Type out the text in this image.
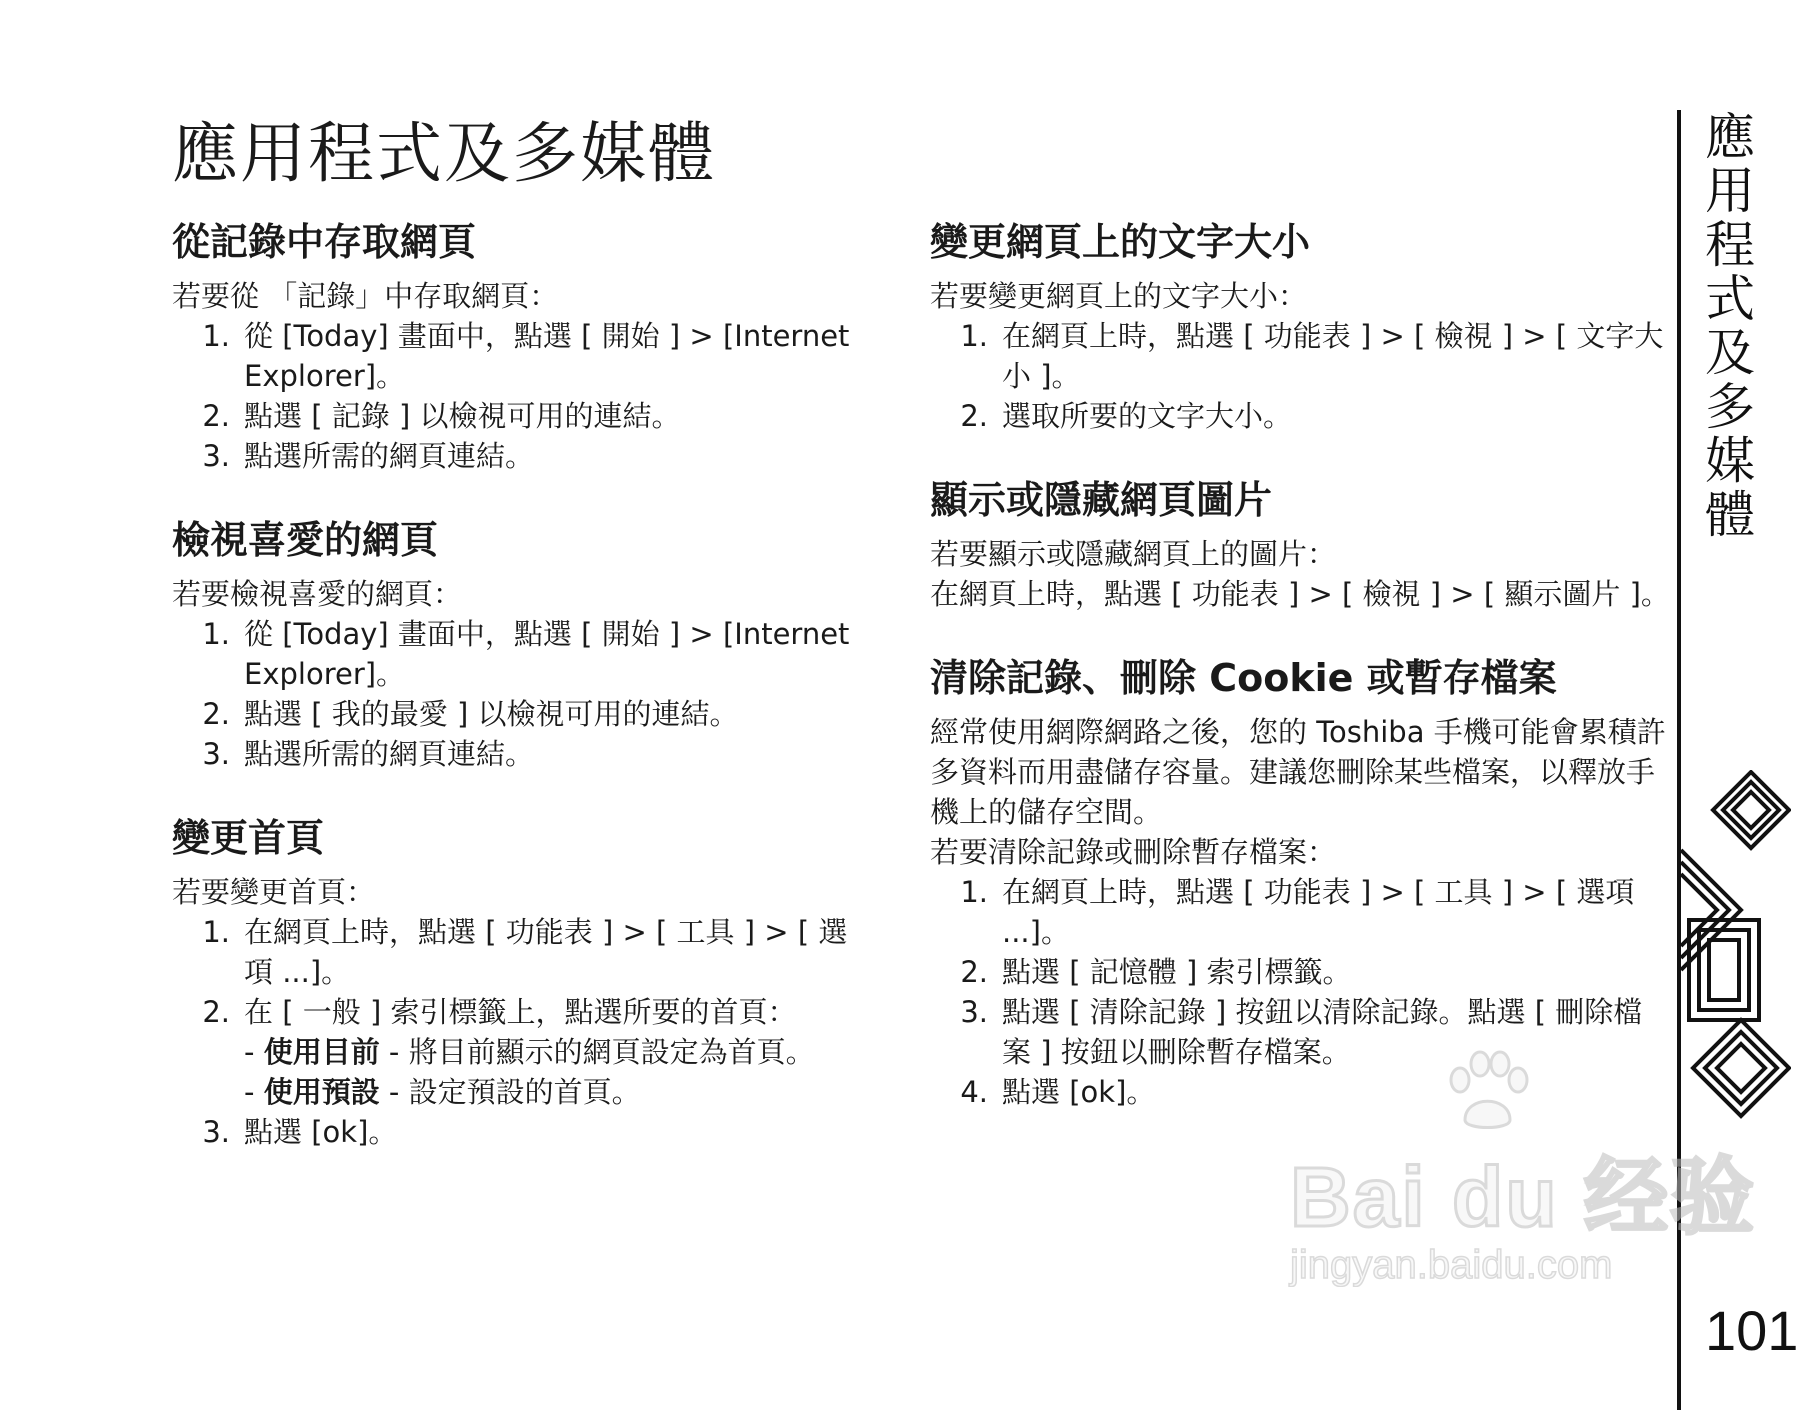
應用程式及多媒體
從記錄中存取網頁

若要從 「記錄」中存取網頁：

1. 從 [Today] 畫面中，點選 [ 開始 ] > [Internet Explorer]。
2. 點選 [ 記錄 ] 以檢視可用的連結。
3. 點選所需的網頁連結。
檢視喜愛的網頁

若要檢視喜愛的網頁：

1. 從 [Today] 畫面中，點選 [ 開始 ] > [Internet Explorer]。
2. 點選 [ 我的最愛 ] 以檢視可用的連結。
3. 點選所需的網頁連結。
變更首頁

若要變更首頁：

1. 在網頁上時，點選 [ 功能表 ] > [ 工具 ] > [ 選項 ...]。
2. 在 [ 一般 ] 索引標籤上，點選所要的首頁：
- 使用目前 - 將目前顯示的網頁設定為首頁。
- 使用預設 - 設定預設的首頁。
3. 點選 [ok]。
變更網頁上的文字大小

若要變更網頁上的文字大小：

1. 在網頁上時，點選 [ 功能表 ] > [ 檢視 ] > [ 文字大小 ]。
2. 選取所要的文字大小。
顯示或隱藏網頁圖片

若要顯示或隱藏網頁上的圖片：

在網頁上時，點選 [ 功能表 ] > [ 檢視 ] > [ 顯示圖片 ]。

清除記錄、刪除 Cookie 或暫存檔案

經常使用網際網路之後，您的 Toshiba 手機可能會累積許多資料而用盡儲存容量。建議您刪除某些檔案，以釋放手機上的儲存空間。

若要清除記錄或刪除暫存檔案：

1. 在網頁上時，點選 [ 功能表 ] > [ 工具 ] > [ 選項 ...]。
2. 點選 [ 記憶體 ] 索引標籤。
3. 點選 [ 清除記錄 ] 按鈕以清除記錄。點選 [ 刪除檔案 ] 按鈕以刪除暫存檔案。
4. 點選 [ok]。
應用程式及多媒體
Bai du 经验
jingyan.baidu.com
101
